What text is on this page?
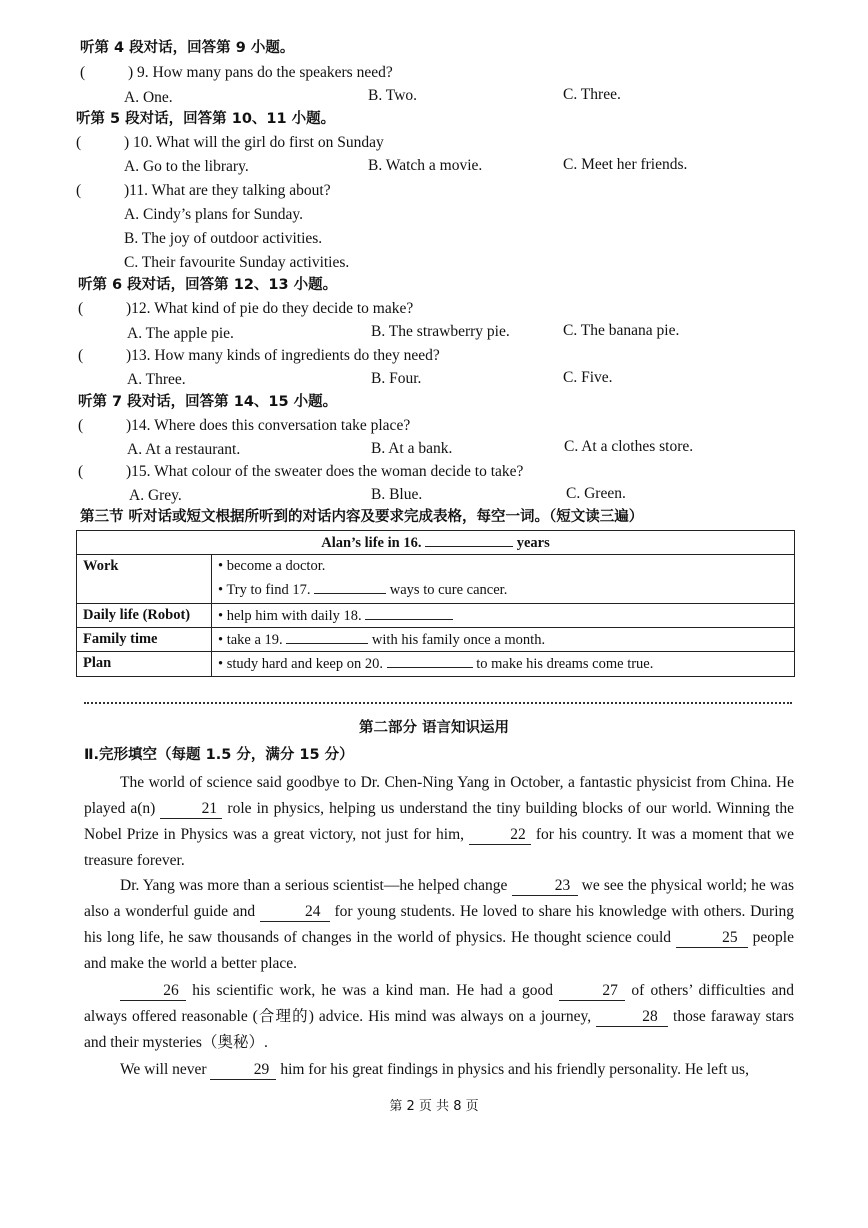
听第 4 段对话，回答第 9 小题。
(	) 9. How many pans do the speakers need?
A. One.	B. Two.	C. Three.
听第 5 段对话，回答第 10、11 小题。
(	) 10. What will the girl do first on Sunday
A. Go to the library.	B. Watch a movie.	C. Meet her friends.
(	)11. What are they talking about?
A. Cindy’s plans for Sunday.
B. The joy of outdoor activities.
C. Their favourite Sunday activities.
听第 6 段对话，回答第 12、13 小题。
(	)12. What kind of pie do they decide to make?
A. The apple pie.	B. The strawberry pie.	C. The banana pie.
(	)13. How many kinds of ingredients do they need?
A. Three.	B. Four.	C. Five.
听第 7 段对话，回答第 14、15 小题。
(	)14. Where does this conversation take place?
A. At a restaurant.	B. At a bank.	C. At a clothes store.
(	)15. What colour of the sweater does the woman decide to take?
A. Grey.	B. Blue.	C. Green.
第三节 听对话或短文根据所听到的对话内容及要求完成表格，每空一词。（短文读三遍）
Alan’s life in 16. years	
Work	• become a doctor.
• Try to find 17. ways to cure cancer.

Daily life (Robot)	• help him with daily 18.
Family time	• take a 19. with his family once a month.
Plan	• study hard and keep on 20. to make his dreams come true.
第二部分 语言知识运用
Ⅱ.完形填空（每题 1.5 分，满分 15 分）
The world of science said goodbye to Dr. Chen-Ning Yang in October, a fantastic physicist from China. He played a(n)	21 role in physics, helping us understand the tiny building blocks of our world. Winning the Nobel Prize in Physics was a great victory, not just for him,	22 for his country. It was a moment that we treasure forever.
Dr. Yang was more than a serious scientist—he helped change	23 we see the physical world; he was also a wonderful guide and	24 for young students. He loved to share his knowledge with others. During his long life, he saw thousands of changes in the world of physics. He thought science could	25 people and make the world a better place.
26 his scientific work, he was a kind man. He had a good	27 of others’ difficulties and always offered reasonable (合理的) advice. His mind was always on a journey,	28 those faraway stars and their mysteries（奥秘）.
We will never	29 him for his great findings in physics and his friendly personality. He left us,
第 2 页 共 8 页
